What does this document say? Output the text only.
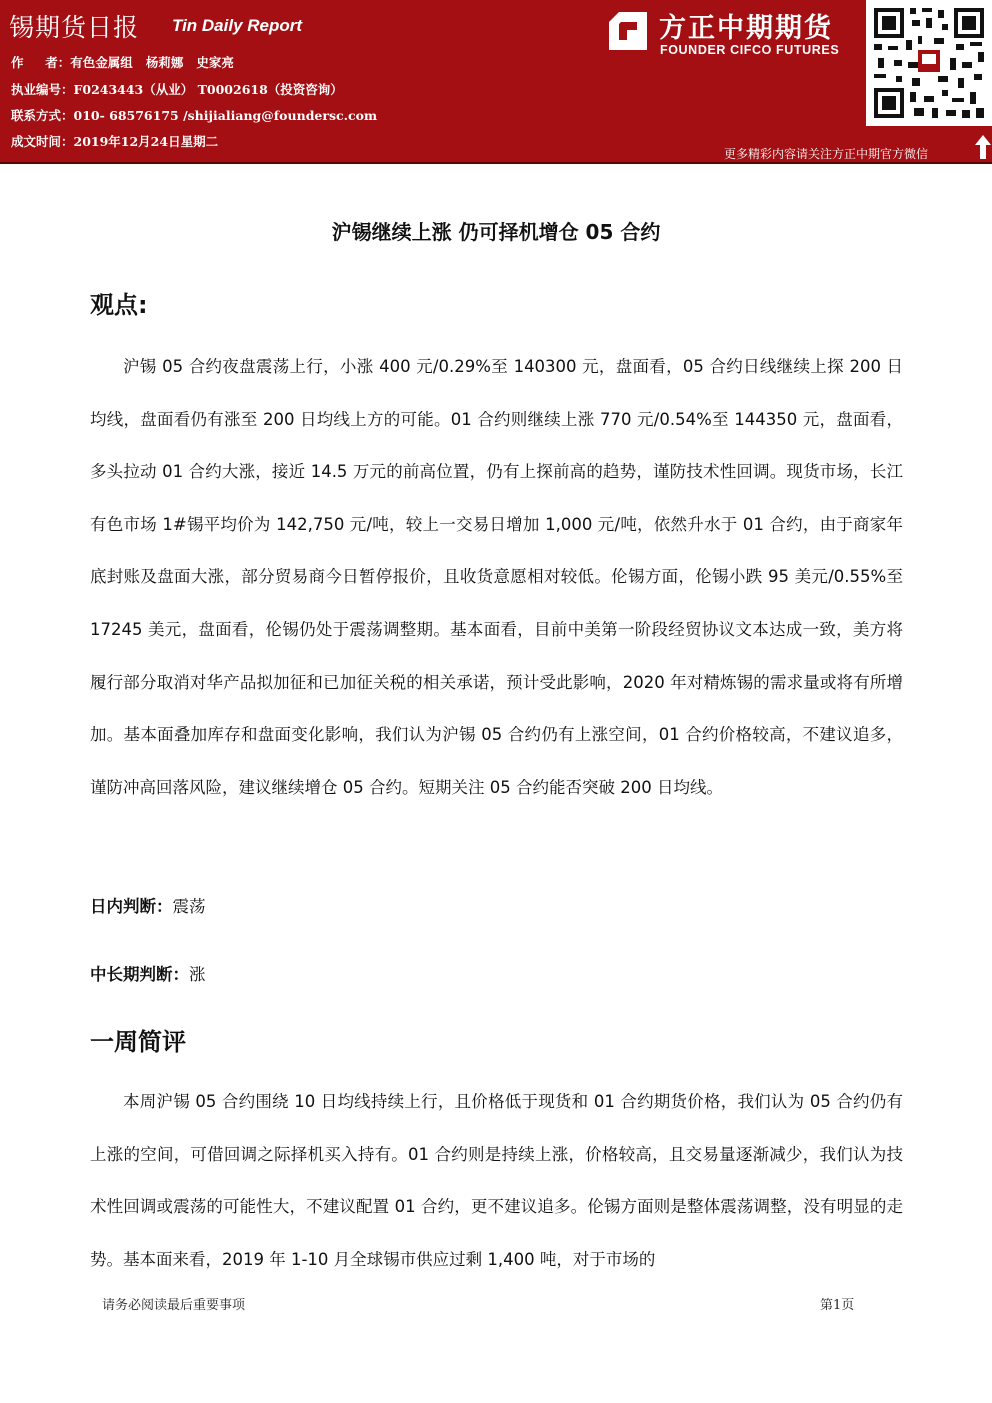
锡期货日报 Tin Daily Report
作     者：有色金属组   杨莉娜   史家亮
执业编号：F0243443（从业） T0002618（投资咨询）
联系方式：010- 68576175 /shijialiang@foundersc.com
成文时间：2019年12月24日星期二
方正中期期货
FOUNDER CIFCO FUTURES
更多精彩内容请关注方正中期官方微信
沪锡继续上涨 仍可择机增仓 05 合约
观点:

沪锡 05 合约夜盘震荡上行，小涨 400 元/0.29%至 140300 元，盘面看，05 合约日线继续上探 200 日均线，盘面看仍有涨至 200 日均线上方的可能。01 合约则继续上涨 770 元/0.54%至 144350 元，盘面看，多头拉动 01 合约大涨，接近 14.5 万元的前高位置，仍有上探前高的趋势，谨防技术性回调。现货市场，长江有色市场 1#锡平均价为 142,750 元/吨，较上一交易日增加 1,000 元/吨，依然升水于 01 合约，由于商家年底封账及盘面大涨，部分贸易商今日暂停报价，且收货意愿相对较低。伦锡方面，伦锡小跌 95 美元/0.55%至 17245 美元，盘面看，伦锡仍处于震荡调整期。基本面看，目前中美第一阶段经贸协议文本达成一致，美方将履行部分取消对华产品拟加征和已加征关税的相关承诺，预计受此影响，2020 年对精炼锡的需求量或将有所增加。基本面叠加库存和盘面变化影响，我们认为沪锡 05 合约仍有上涨空间，01 合约价格较高，不建议追多，谨防冲高回落风险，建议继续增仓 05 合约。短期关注 05 合约能否突破 200 日均线。

日内判断：震荡
中长期判断：涨
一周简评

本周沪锡 05 合约围绕 10 日均线持续上行，且价格低于现货和 01 合约期货价格，我们认为 05 合约仍有上涨的空间，可借回调之际择机买入持有。01 合约则是持续上涨，价格较高，且交易量逐渐减少，我们认为技术性回调或震荡的可能性大，不建议配置 01 合约，更不建议追多。伦锡方面则是整体震荡调整，没有明显的走势。基本面来看，2019 年 1-10 月全球锡市供应过剩 1,400 吨，对于市场的

请务必阅读最后重要事项	第1页
